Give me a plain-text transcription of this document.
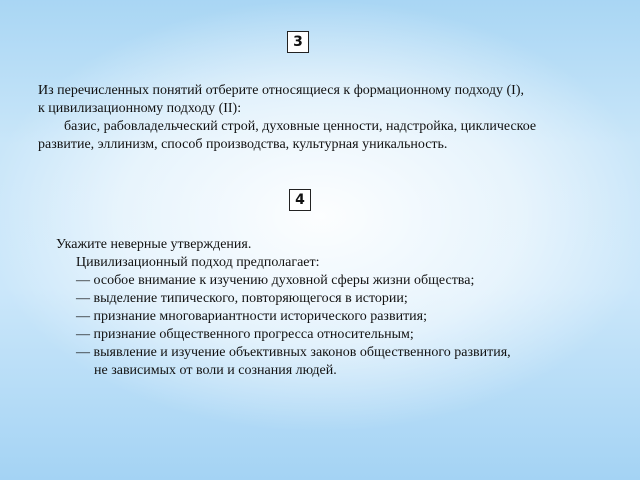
3
Из перечисленных понятий отберите относящиеся к формационному подходу (I),
к цивилизационному подходу (II):
базис, рабовладельческий строй, духовные ценности, надстройка, циклическое
развитие, эллинизм, способ производства, культурная уникальность.
4
Укажите неверные утверждения.
Цивилизационный подход предполагает:
— особое внимание к изучению духовной сферы жизни общества;
— выделение типического, повторяющегося в истории;
— признание многовариантности исторического развития;
— признание общественного прогресса относительным;
— выявление и изучение объективных законов общественного развития,
не зависимых от воли и сознания людей.
